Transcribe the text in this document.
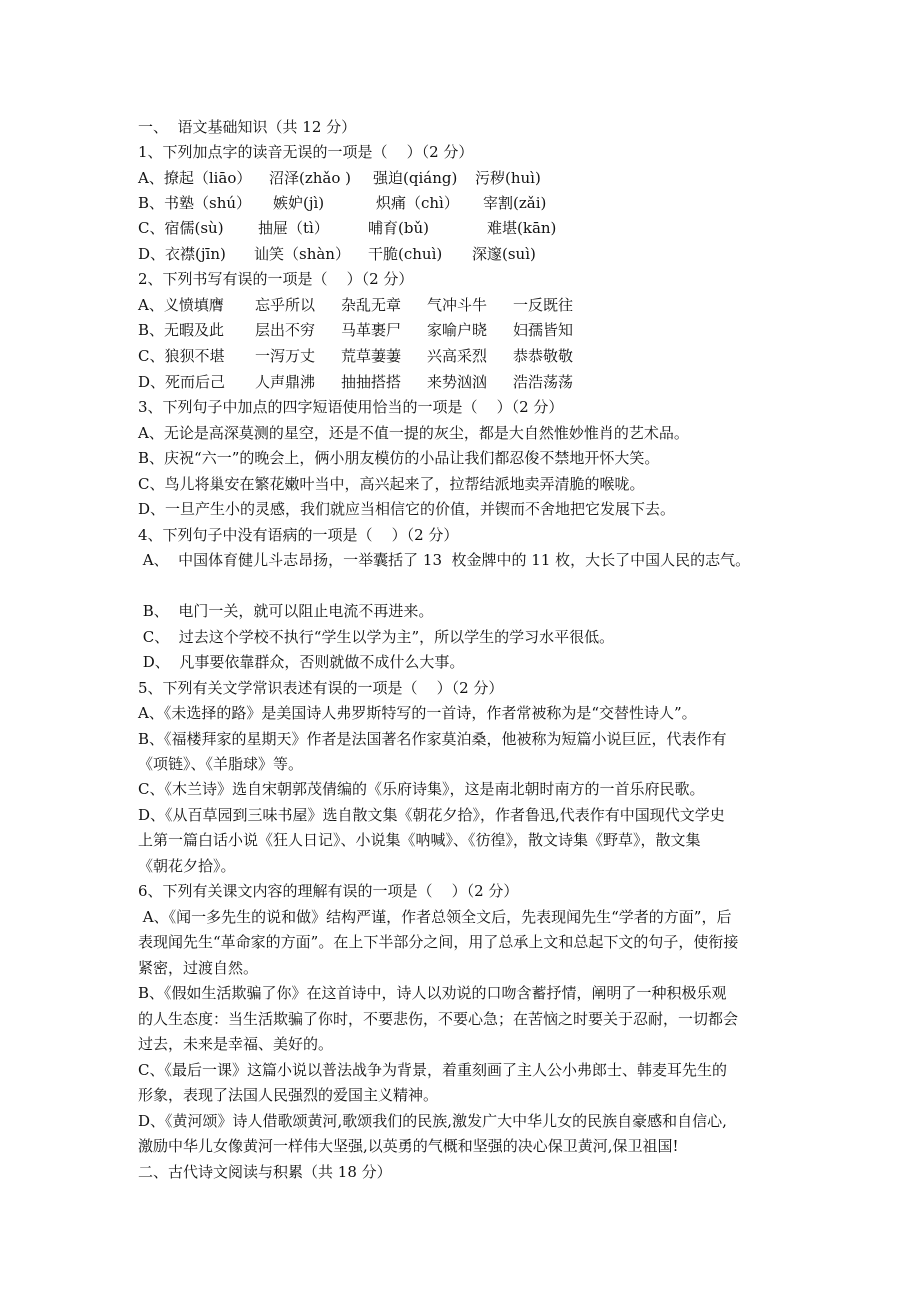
一、  语文基础知识（共 12 分）
1、下列加点字的读音无误的一项是（    ）（2 分）
A、撩起（liāo） 沼泽(zhǎo ) 强迫(qiáng) 污秽(huì)
B、书塾（shú） 嫉妒(jì)	炽痛（chì） 宰割(zǎi)
C、宿儒(sù) 抽屉（tì）	哺育(bǔ)	难堪(kān)
D、衣襟(jīn) 讪笑（shàn） 干脆(chuì) 深邃(suì)
2、下列书写有误的一项是（    ）（2 分）
A、义愤填膺 忘乎所以 杂乱无章 气冲斗牛 一反既往
B、无暇及此 层出不穷 马革裹尸 家喻户晓 妇孺皆知
C、狼狈不堪 一泻万丈 荒草萋萋 兴高采烈 恭恭敬敬
D、死而后己 人声鼎沸 抽抽搭搭 来势汹汹 浩浩荡荡
3、下列句子中加点的四字短语使用恰当的一项是（    ）（2 分）
A、无论是高深莫测的星空，还是不值一提的灰尘，都是大自然惟妙惟肖的艺术品。
B、庆祝“六一”的晚会上，俩小朋友模仿的小品让我们都忍俊不禁地开怀大笑。
C、鸟儿将巢安在繁花嫩叶当中，高兴起来了，拉帮结派地卖弄清脆的喉咙。
D、一旦产生小的灵感，我们就应当相信它的价值，并锲而不舍地把它发展下去。
4、下列句子中没有语病的一项是（    ）（2 分）
A、  中国体育健儿斗志昂扬，一举囊括了 13  枚金牌中的 11 枚，大长了中国人民的志气。
B、  电门一关，就可以阻止电流不再进来。
C、  过去这个学校不执行“学生以学为主”，所以学生的学习水平很低。
D、  凡事要依靠群众，否则就做不成什么大事。
5、下列有关文学常识表述有误的一项是（    ）（2 分）
A、《未选择的路》是美国诗人弗罗斯特写的一首诗，作者常被称为是“交替性诗人”。
B、《福楼拜家的星期天》作者是法国著名作家莫泊桑，他被称为短篇小说巨匠，代表作有
《项链》、《羊脂球》等。
C、《木兰诗》选自宋朝郭茂倩编的《乐府诗集》，这是南北朝时南方的一首乐府民歌。
D、《从百草园到三味书屋》选自散文集《朝花夕拾》，作者鲁迅,代表作有中国现代文学史
上第一篇白话小说《狂人日记》、小说集《呐喊》、《彷徨》，散文诗集《野草》，散文集
《朝花夕拾》。
6、下列有关课文内容的理解有误的一项是（    ）（2 分）
A、《闻一多先生的说和做》结构严谨，作者总领全文后，先表现闻先生“学者的方面”，后
表现闻先生“革命家的方面”。在上下半部分之间，用了总承上文和总起下文的句子，使衔接
紧密，过渡自然。
B、《假如生活欺骗了你》在这首诗中，诗人以劝说的口吻含蓄抒情，阐明了一种积极乐观
的人生态度：当生活欺骗了你时，不要悲伤，不要心急；在苦恼之时要关于忍耐，一切都会
过去，未来是幸福、美好的。
C、《最后一课》这篇小说以普法战争为背景，着重刻画了主人公小弗郎士、韩麦耳先生的
形象，表现了法国人民强烈的爱国主义精神。
D、《黄河颂》诗人借歌颂黄河,歌颂我们的民族,激发广大中华儿女的民族自豪感和自信心,
激励中华儿女像黄河一样伟大坚强,以英勇的气概和坚强的决心保卫黄河,保卫祖国!
二、古代诗文阅读与积累（共 18 分）
